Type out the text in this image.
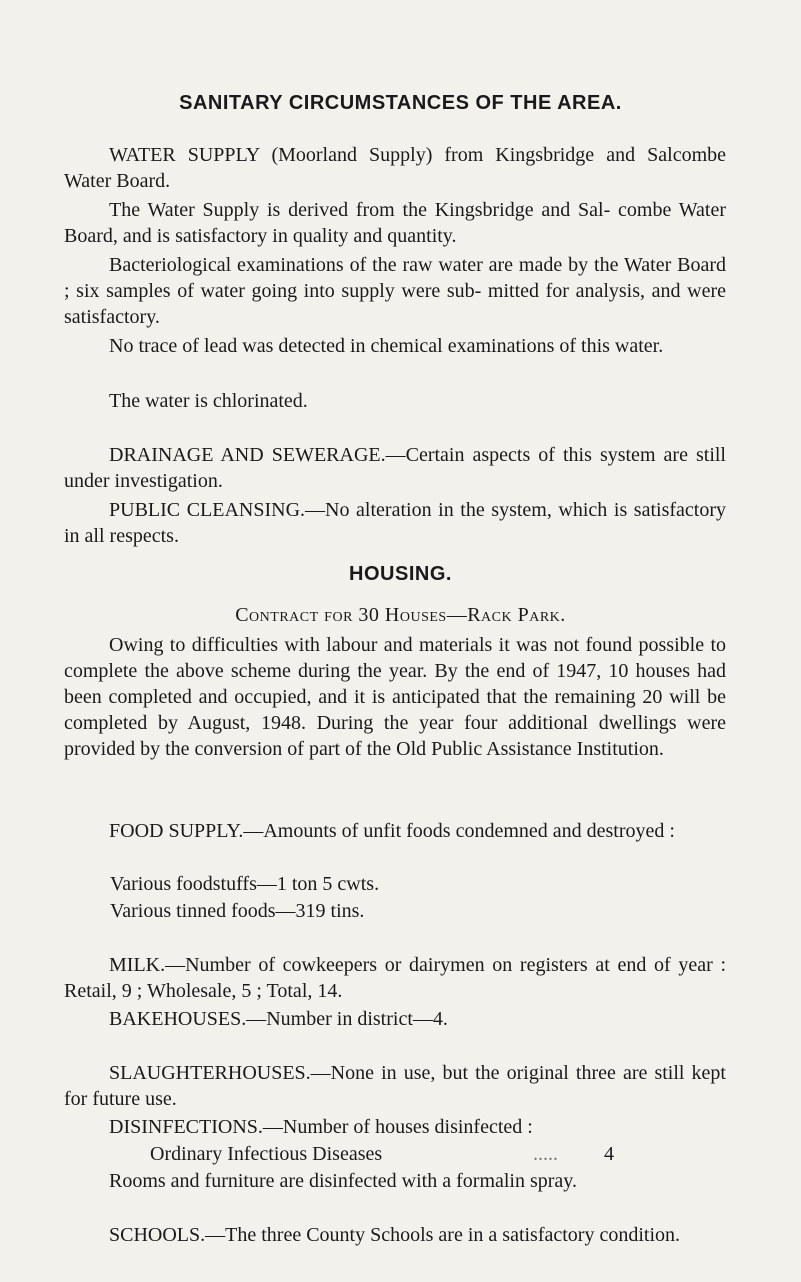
SANITARY CIRCUMSTANCES OF THE AREA.

WATER SUPPLY (Moorland Supply) from Kingsbridge and Salcombe Water Board.

The Water Supply is derived from the Kingsbridge and Sal- combe Water Board, and is satisfactory in quality and quantity.

Bacteriological examinations of the raw water are made by the Water Board ; six samples of water going into supply were sub- mitted for analysis, and were satisfactory.

No trace of lead was detected in chemical examinations of this water.

The water is chlorinated.

DRAINAGE AND SEWERAGE.—Certain aspects of this system are still under investigation.

PUBLIC CLEANSING.—No alteration in the system, which is satisfactory in all respects.

HOUSING.
Contract for 30 Houses—Rack Park.

Owing to difficulties with labour and materials it was not found possible to complete the above scheme during the year. By the end of 1947, 10 houses had been completed and occupied, and it is anticipated that the remaining 20 will be completed by August, 1948. During the year four additional dwellings were provided by the conversion of part of the Old Public Assistance Institution.

FOOD SUPPLY.—Amounts of unfit foods condemned and destroyed :

Various foodstuffs—1 ton 5 cwts.
Various tinned foods—319 tins.

MILK.—Number of cowkeepers or dairymen on registers at end of year : Retail, 9 ; Wholesale, 5 ; Total, 14.

BAKEHOUSES.—Number in district—4.

SLAUGHTERHOUSES.—None in use, but the original three are still kept for future use.

DISINFECTIONS.—Number of houses disinfected :

Ordinary Infectious Diseases	..... 4

Rooms and furniture are disinfected with a formalin spray.

SCHOOLS.—The three County Schools are in a satisfactory condition.
